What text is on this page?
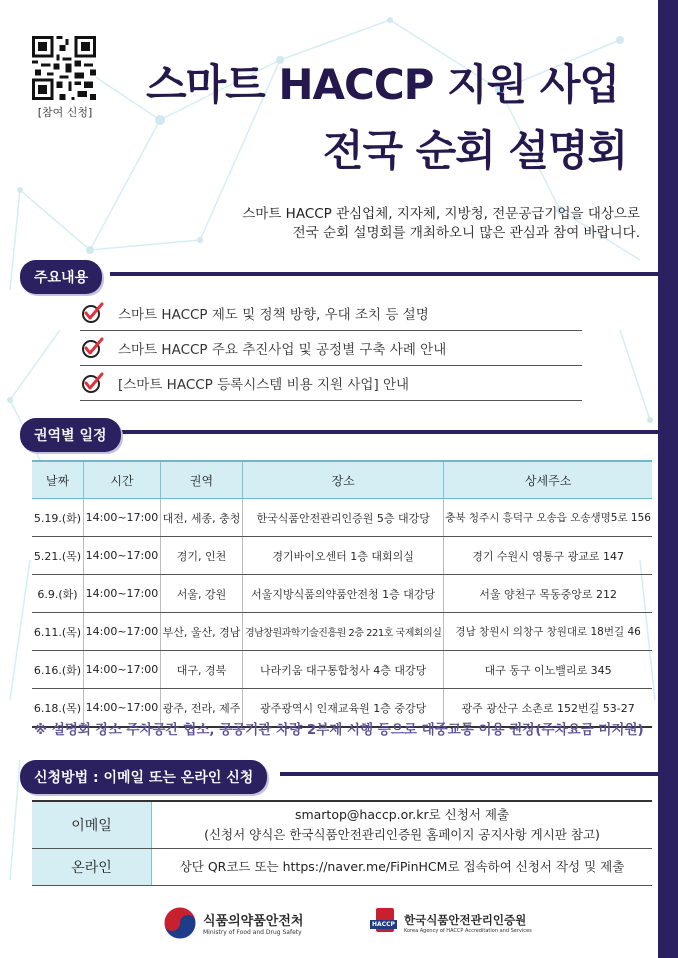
[참여 신청]
스마트 HACCP 지원 사업
전국 순회 설명회
스마트 HACCP 관심업체, 지자체, 지방청, 전문공급기업을 대상으로
전국 순회 설명회를 개최하오니 많은 관심과 참여 바랍니다.
주요내용
스마트 HACCP 제도 및 정책 방향, 우대 조치 등 설명
스마트 HACCP 주요 추진사업 및 공정별 구축 사례 안내
[스마트 HACCP 등록시스템 비용 지원 사업] 안내
권역별 일정
날짜	시간	권역	장소	상세주소
5.19.(화)	14:00~17:00	대전, 세종, 충청	한국식품안전관리인증원 5층 대강당	충북 청주시 흥덕구 오송읍 오송생명5로 156
5.21.(목)	14:00~17:00	경기, 인천	경기바이오센터 1층 대회의실	경기 수원시 영통구 광교로 147
6.9.(화)	14:00~17:00	서울, 강원	서울지방식품의약품안전청 1층 대강당	서울 양천구 목동중앙로 212
6.11.(목)	14:00~17:00	부산, 울산, 경남	경남창원과학기술진흥원 2층 221호 국제회의실	경남 창원시 의창구 창원대로 18번길 46
6.16.(화)	14:00~17:00	대구, 경북	나라키움 대구통합청사 4층 대강당	대구 동구 이노밸리로 345
6.18.(목)	14:00~17:00	광주, 전라, 제주	광주광역시 인재교육원 1층 중강당	광주 광산구 소촌로 152번길 53-27
※ 설명회 장소 주차공간 협소, 공공기관 차량 2부제 시행 등으로 대중교통 이용 권장(주차요금 미지원)
신청방법 : 이메일 또는 온라인 신청
이메일	smartop@haccp.or.kr로 신청서 제출
(신청서 양식은 한국식품안전관리인증원 홈페이지 공지사항 게시판 참고)

온라인	상단 QR코드 또는 https://naver.me/FiPinHCM로 접속하여 신청서 작성 및 제출
식품의약품안전처
Ministry of Food and Drug Safety
HACCP 한국식품안전관리인증원
Korea Agency of HACCP Accreditation and Services
